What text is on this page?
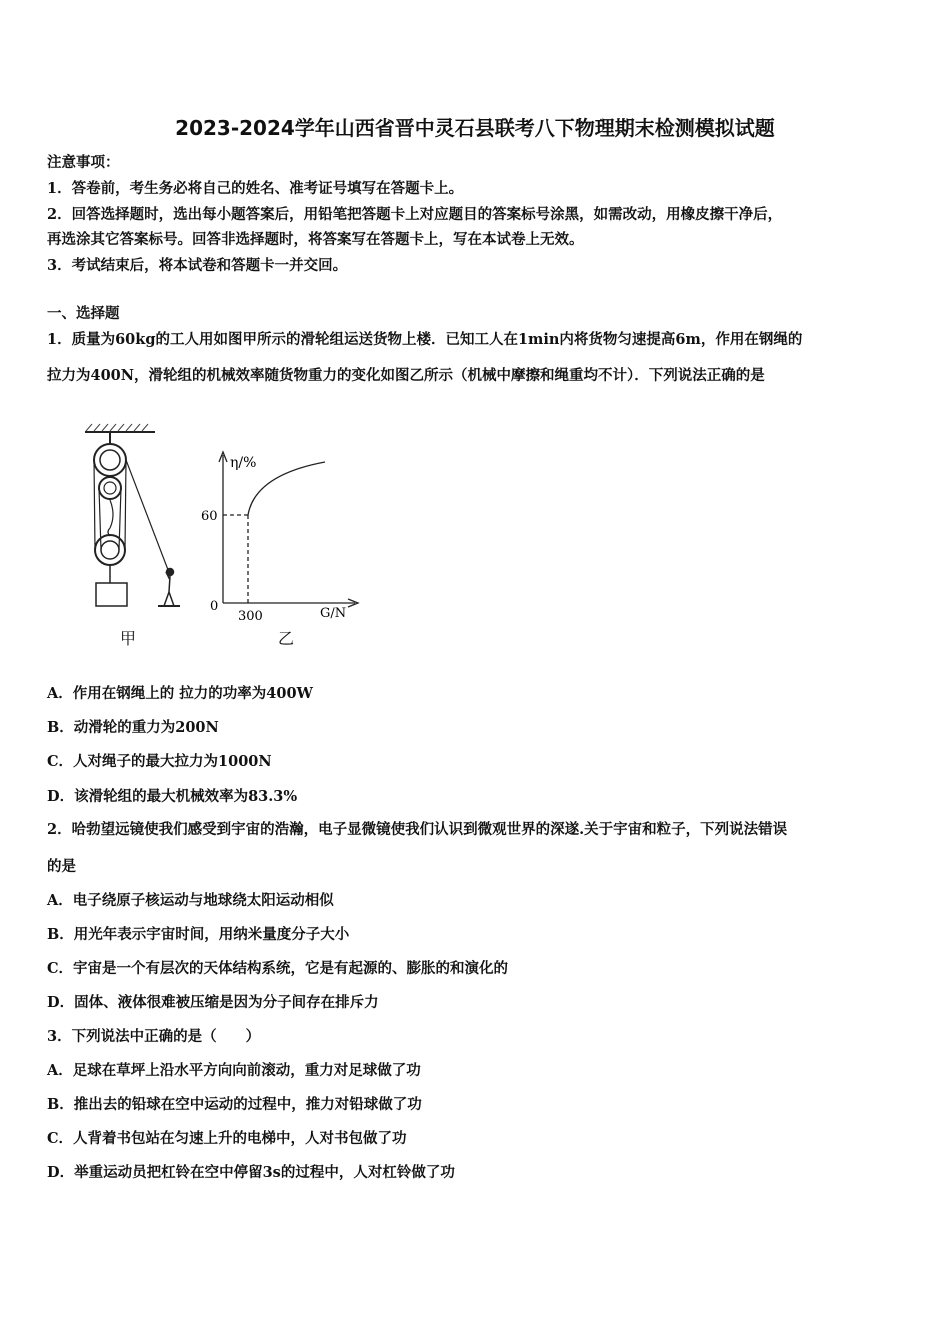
2023-2024学年山西省晋中灵石县联考八下物理期末检测模拟试题
注意事项：
1．答卷前，考生务必将自己的姓名、准考证号填写在答题卡上。
2．回答选择题时，选出每小题答案后，用铅笔把答题卡上对应题目的答案标号涂黑，如需改动，用橡皮擦干净后，
再选涂其它答案标号。回答非选择题时，将答案写在答题卡上，写在本试卷上无效。
3．考试结束后，将本试卷和答题卡一并交回。
一、选择题
1．质量为60kg的工人用如图甲所示的滑轮组运送货物上楼．已知工人在1min内将货物匀速提高6m，作用在钢绳的
拉力为400N，滑轮组的机械效率随货物重力的变化如图乙所示（机械中摩擦和绳重均不计）．下列说法正确的是
η/%
G/N
0
60
300
甲	乙
A．作用在钢绳上的 拉力的功率为400W
B．动滑轮的重力为200N
C．人对绳子的最大拉力为1000N
D．该滑轮组的最大机械效率为83.3%
2．哈勃望远镜使我们感受到宇宙的浩瀚，电子显微镜使我们认识到微观世界的深遂.关于宇宙和粒子，下列说法错误
的是
A．电子绕原子核运动与地球绕太阳运动相似
B．用光年表示宇宙时间，用纳米量度分子大小
C．宇宙是一个有层次的天体结构系统，它是有起源的、膨胀的和演化的
D．固体、液体很难被压缩是因为分子间存在排斥力
3．下列说法中正确的是（　　）
A．足球在草坪上沿水平方向向前滚动，重力对足球做了功
B．推出去的铅球在空中运动的过程中，推力对铅球做了功
C．人背着书包站在匀速上升的电梯中，人对书包做了功
D．举重运动员把杠铃在空中停留3s的过程中，人对杠铃做了功
